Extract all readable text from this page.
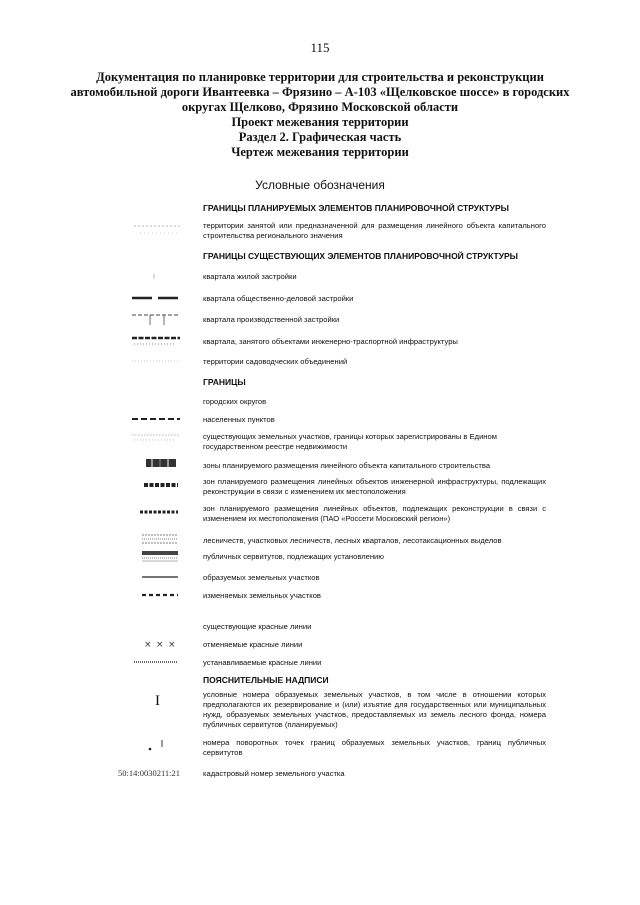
115
Документация по планировке территории для строительства и реконструкции
автомобильной дороги Ивантеевка – Фрязино – А-103 «Щелковское шоссе» в городских
округах Щелково, Фрязино Московской области
Проект межевания территории
Раздел 2. Графическая часть
Чертеж межевания территории
Условные обозначения
ГРАНИЦЫ ПЛАНИРУЕМЫХ ЭЛЕМЕНТОВ ПЛАНИРОВОЧНОЙ СТРУКТУРЫ
территории занятой или предназначенной для размещения линейного объекта капитального строительства регионального значения
ГРАНИЦЫ СУЩЕСТВУЮЩИХ ЭЛЕМЕНТОВ ПЛАНИРОВОЧНОЙ СТРУКТУРЫ
квартала жилой застройки
квартала общественно-деловой застройки
квартала производственной застройки
квартала, занятого объектами инженерно-траспортной инфраструктуры
территории садоводческих объединений
ГРАНИЦЫ
городских округов
населенных пунктов
существующих земельных участков, границы которых зарегистрированы в Едином государственном реестре недвижимости
зоны планируемого размещения линейного объекта капитального строительства
зон планируемого размещения линейных объектов инженерной инфраструктуры, подлежащих реконструкции в связи с изменением их местоположения
зон планируемого размещения линейных объектов, подлежащих реконструкции в связи с изменением их местоположения (ПАО «Россети Московский регион»)
лесничеств, участковых лесничеств, лесных кварталов, лесотаксационных выделов
публичных сервитутов, подлежащих установлению
образуемых земельных участков
изменяемых земельных участков
существующие красные линии
× × ×	отменяемые красные линии
устанавливаемые красные линии
ПОЯСНИТЕЛЬНЫЕ НАДПИСИ
I	условные номера образуемых земельных участков, в том числе в отношении которых предполагаются их резервирование и (или) изъятие для государственных или муниципальных нужд, образуемых земельных участков, предоставляемых из земель лесного фонда, номера публичных сервитутов (планируемых)
номера поворотных точек границ образуемых земельных участков, границ публичных сервитутов
50:14:0030211:21	кадастровый номер земельного участка
